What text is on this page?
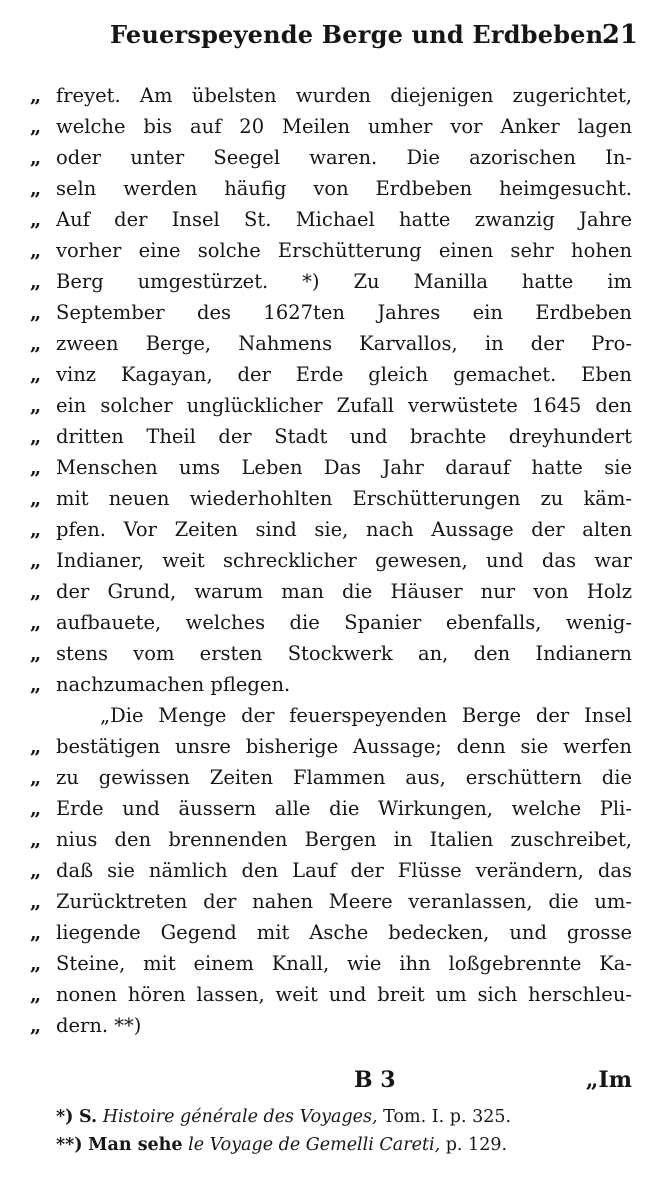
Feuerspeyende Berge und Erdbeben.
21
„ freyet. Am übelsten wurden diejenigen zugerichtet,
„ welche bis auf 20 Meilen umher vor Anker lagen
„ oder unter Seegel waren. Die azorischen In-
„ seln werden häufig von Erdbeben heimgesucht.
„ Auf der Insel St. Michael hatte zwanzig Jahre
„ vorher eine solche Erschütterung einen sehr hohen
„ Berg umgestürzet. *) Zu Manilla hatte im
„ September des 1627ten Jahres ein Erdbeben
„ zween Berge, Nahmens Karvallos, in der Pro-
„ vinz Kagayan, der Erde gleich gemachet. Eben
„ ein solcher unglücklicher Zufall verwüstete 1645 den
„ dritten Theil der Stadt und brachte dreyhundert
„ Menschen ums Leben Das Jahr darauf hatte sie
„ mit neuen wiederhohlten Erschütterungen zu käm-
„ pfen. Vor Zeiten sind sie, nach Aussage der alten
„ Indianer, weit schrecklicher gewesen, und das war
„ der Grund, warum man die Häuser nur von Holz
„ aufbauete, welches die Spanier ebenfalls, wenig-
„ stens vom ersten Stockwerk an, den Indianern
„ nachzumachen pflegen.
„Die Menge der feuerspeyenden Berge der Insel
„ bestätigen unsre bisherige Aussage; denn sie werfen
„ zu gewissen Zeiten Flammen aus, erschüttern die
„ Erde und äussern alle die Wirkungen, welche Pli-
„ nius den brennenden Bergen in Italien zuschreibet,
„ daß sie nämlich den Lauf der Flüsse verändern, das
„ Zurücktreten der nahen Meere veranlassen, die um-
„ liegende Gegend mit Asche bedecken, und grosse
„ Steine, mit einem Knall, wie ihn loßgebrennte Ka-
„ nonen hören lassen, weit und breit um sich herschleu-
„ dern. **)
B 3	„Im
*) S. Histoire générale des Voyages, Tom. I. p. 325.
**) Man sehe le Voyage de Gemelli Careti, p. 129.
